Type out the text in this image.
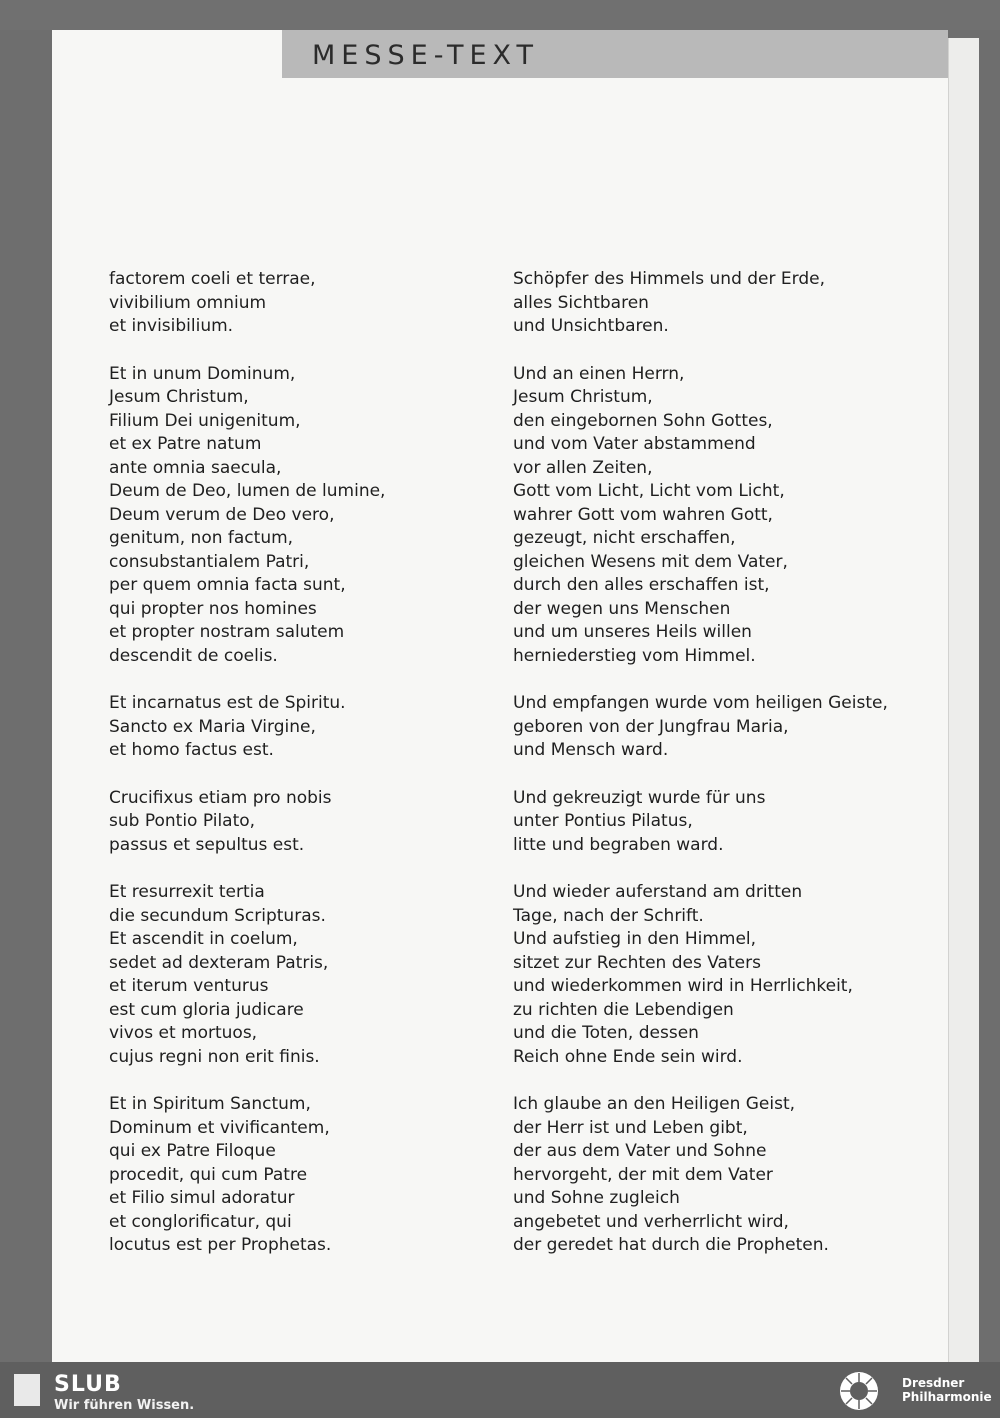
MESSE-TEXT
factorem coeli et terrae,
vivibilium omnium
et invisibilium.
Et in unum Dominum,
Jesum Christum,
Filium Dei unigenitum,
et ex Patre natum
ante omnia saecula,
Deum de Deo, lumen de lumine,
Deum verum de Deo vero,
genitum, non factum,
consubstantialem Patri,
per quem omnia facta sunt,
qui propter nos homines
et propter nostram salutem
descendit de coelis.
Et incarnatus est de Spiritu.
Sancto ex Maria Virgine,
et homo factus est.
Crucifixus etiam pro nobis
sub Pontio Pilato,
passus et sepultus est.
Et resurrexit tertia
die secundum Scripturas.
Et ascendit in coelum,
sedet ad dexteram Patris,
et iterum venturus
est cum gloria judicare
vivos et mortuos,
cujus regni non erit finis.
Et in Spiritum Sanctum,
Dominum et vivificantem,
qui ex Patre Filoque
procedit, qui cum Patre
et Filio simul adoratur
et conglorificatur, qui
locutus est per Prophetas.
Schöpfer des Himmels und der Erde,
alles Sichtbaren
und Unsichtbaren.
Und an einen Herrn,
Jesum Christum,
den eingebornen Sohn Gottes,
und vom Vater abstammend
vor allen Zeiten,
Gott vom Licht, Licht vom Licht,
wahrer Gott vom wahren Gott,
gezeugt, nicht erschaffen,
gleichen Wesens mit dem Vater,
durch den alles erschaffen ist,
der wegen uns Menschen
und um unseres Heils willen
herniederstieg vom Himmel.
Und empfangen wurde vom heiligen Geiste,
geboren von der Jungfrau Maria,
und Mensch ward.
Und gekreuzigt wurde für uns
unter Pontius Pilatus,
litte und begraben ward.
Und wieder auferstand am dritten
Tage, nach der Schrift.
Und aufstieg in den Himmel,
sitzet zur Rechten des Vaters
und wiederkommen wird in Herrlichkeit,
zu richten die Lebendigen
und die Toten, dessen
Reich ohne Ende sein wird.
Ich glaube an den Heiligen Geist,
der Herr ist und Leben gibt,
der aus dem Vater und Sohne
hervorgeht, der mit dem Vater
und Sohne zugleich
angebetet und verherrlicht wird,
der geredet hat durch die Propheten.
SLUB
Wir führen Wissen.
Dresdner
Philharmonie
